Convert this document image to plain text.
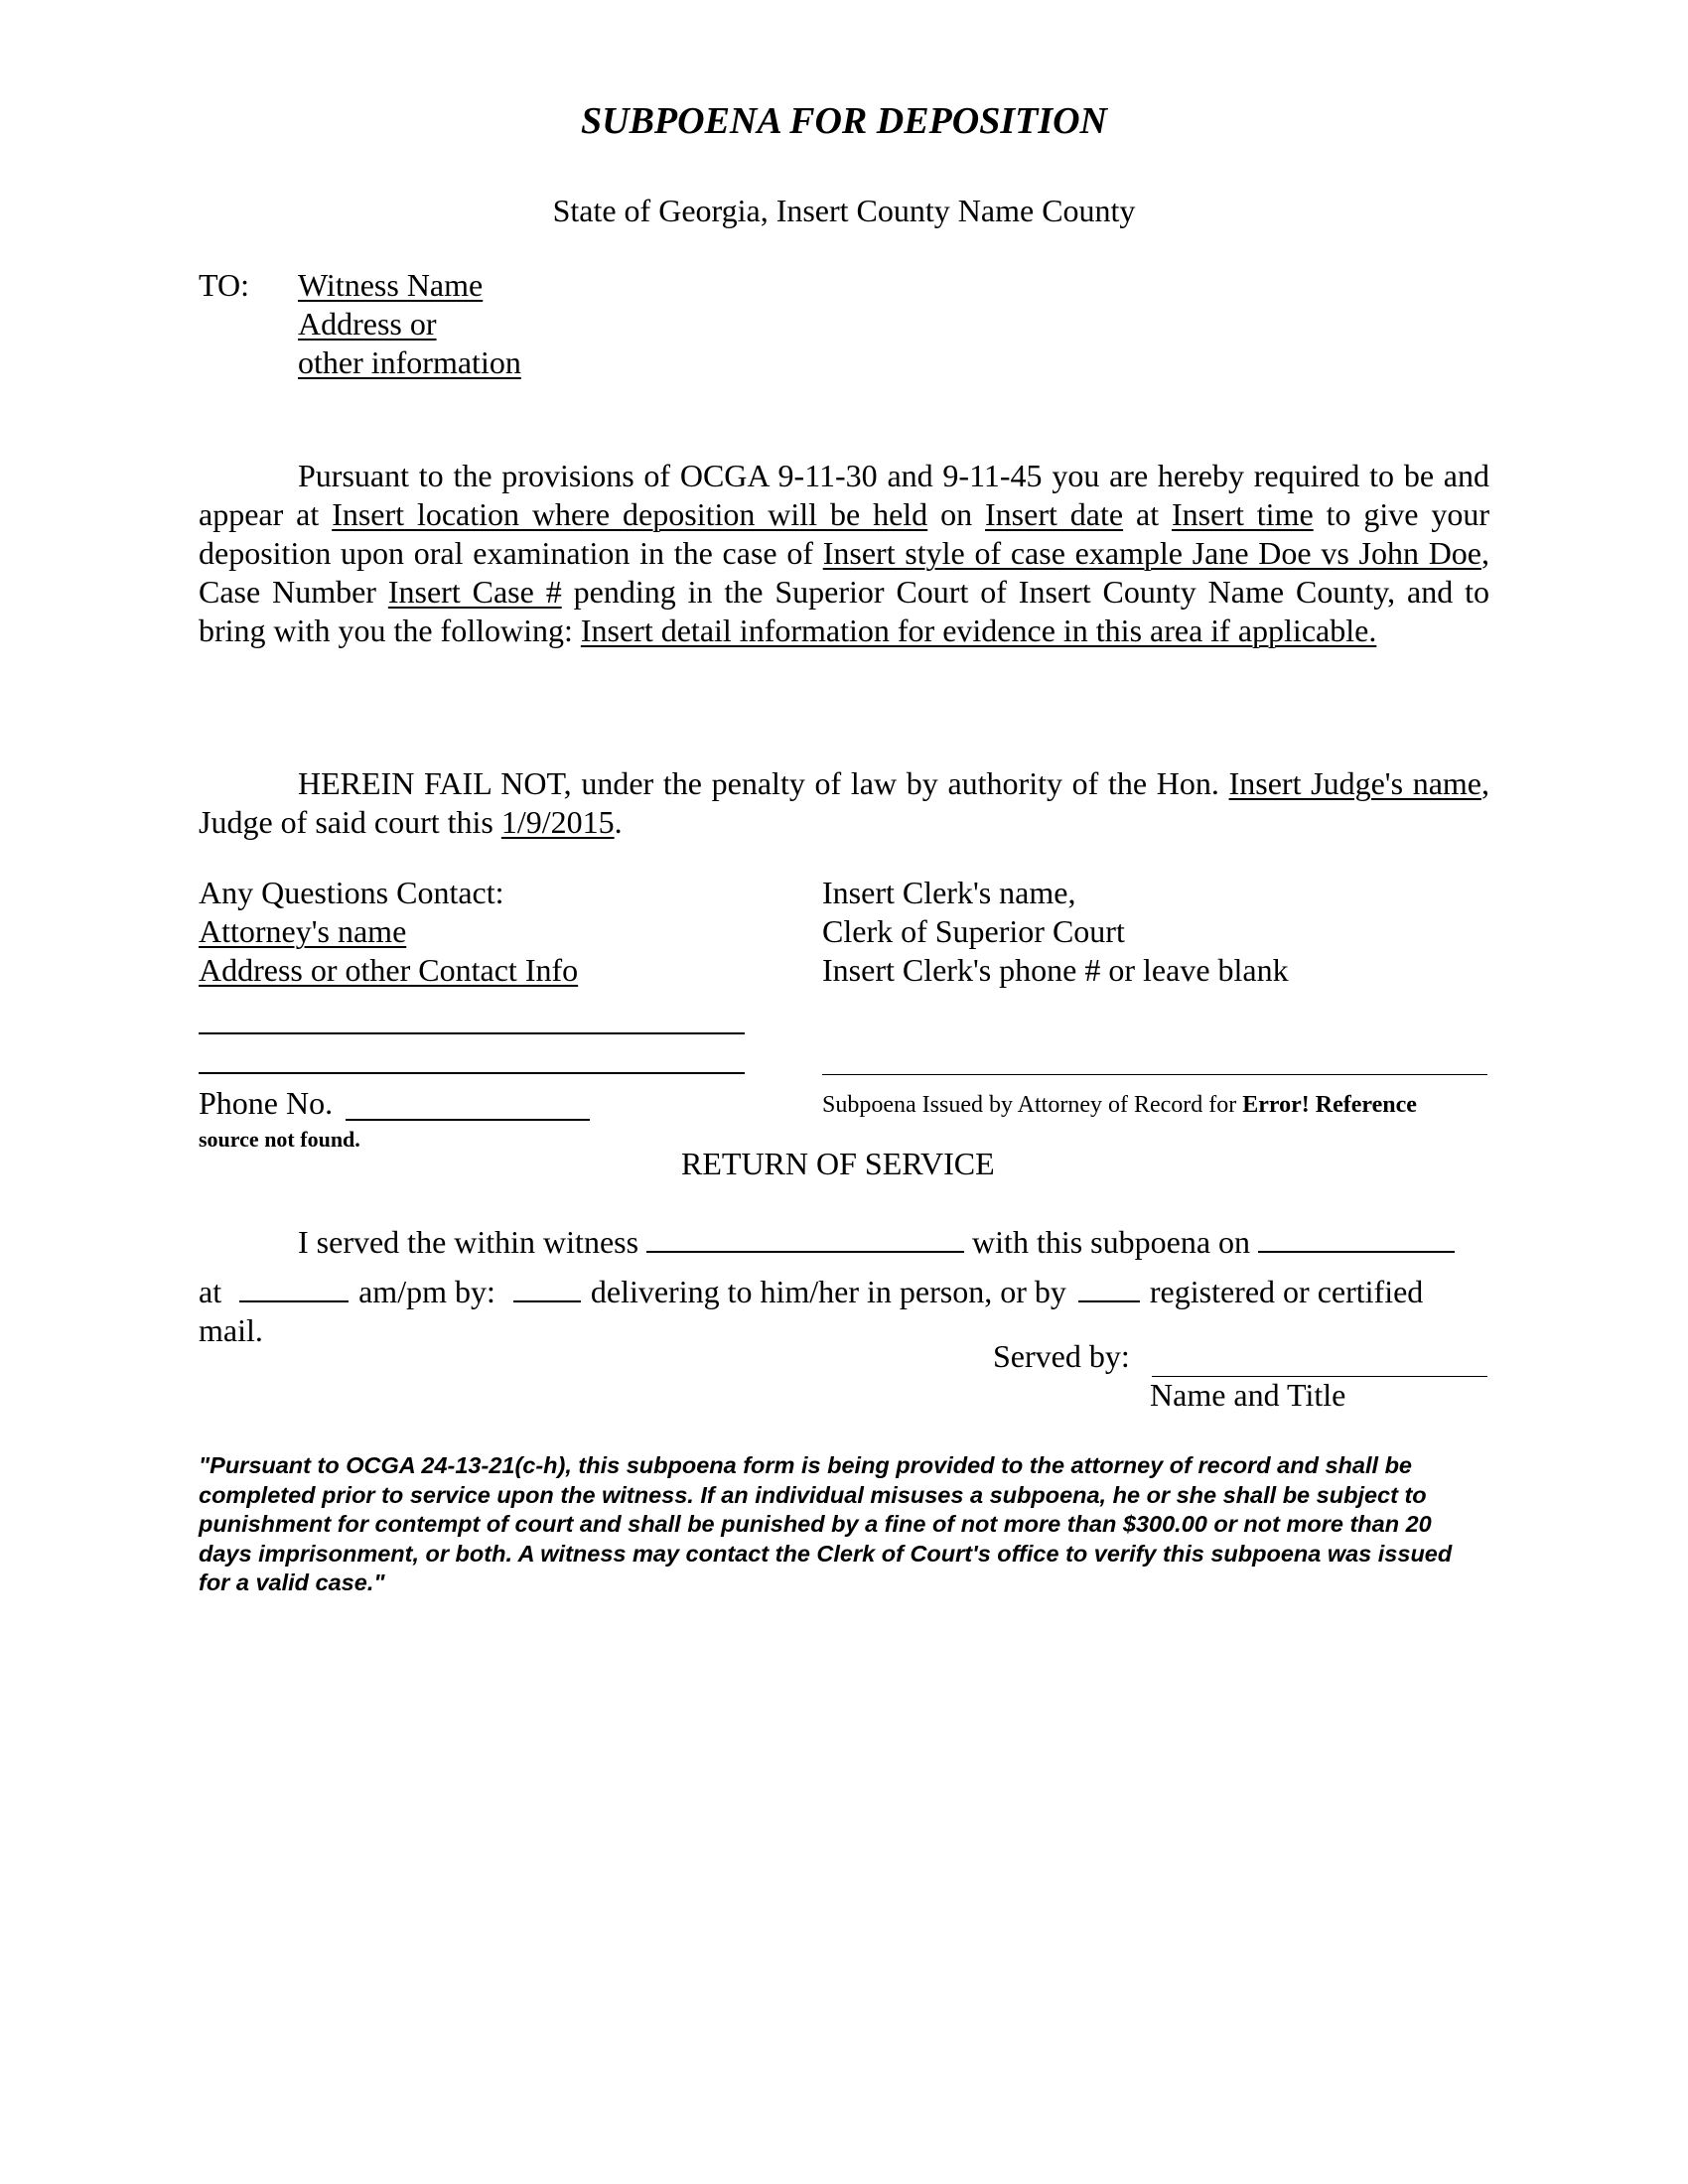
SUBPOENA FOR DEPOSITION
State of Georgia, Insert County Name County
TO: Witness Name
Address or
other information
Pursuant to the provisions of OCGA 9-11-30 and 9-11-45 you are hereby required to be and appear at Insert location where deposition will be held on Insert date at Insert time to give your deposition upon oral examination in the case of Insert style of case example Jane Doe vs John Doe, Case Number Insert Case # pending in the Superior Court of Insert County Name County, and to bring with you the following: Insert detail information for evidence in this area if applicable.
HEREIN FAIL NOT, under the penalty of law by authority of the Hon. Insert Judge's name, Judge of said court this 1/9/2015.
Any Questions Contact:
Attorney's name
Address or other Contact Info
Insert Clerk's name,
Clerk of Superior Court
Insert Clerk's phone # or leave blank
Phone No.	Subpoena Issued by Attorney of Record for Error! Reference
source not found.
RETURN OF SERVICE
I served the within witness	with this subpoena on
at	am/pm by:	delivering to him/her in person, or by	registered or certified
mail.
Served by:
Name and Title
"Pursuant to OCGA 24-13-21(c-h), this subpoena form is being provided to the attorney of record and shall be completed prior to service upon the witness. If an individual misuses a subpoena, he or she shall be subject to punishment for contempt of court and shall be punished by a fine of not more than $300.00 or not more than 20 days imprisonment, or both. A witness may contact the Clerk of Court's office to verify this subpoena was issued for a valid case."
